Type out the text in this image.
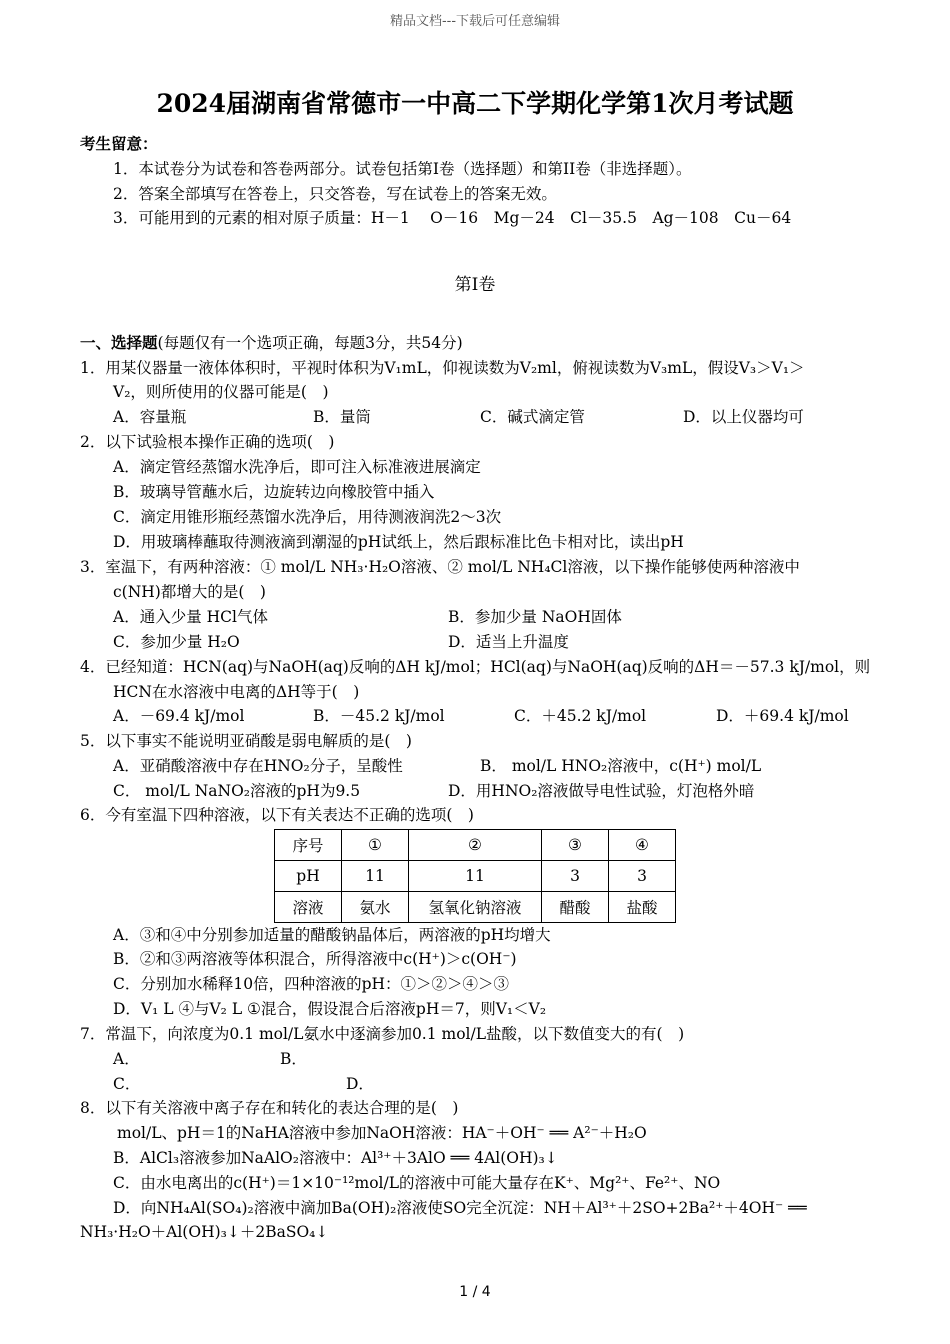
精品文档---下载后可任意编辑
2024届湖南省常德市一中高二下学期化学第1次月考试题
考生留意：
1．本试卷分为试卷和答卷两部分。试卷包括第I卷（选择题）和第II卷（非选择题）。
2．答案全部填写在答卷上，只交答卷，写在试卷上的答案无效。
3．可能用到的元素的相对原子质量：H－1　 O－16　Mg－24　Cl－35.5　Ag－108　Cu－64
第I卷
一、选择题(每题仅有一个选项正确，每题3分，共54分)
1．用某仪器量一液体体积时，平视时体积为V₁mL，仰视读数为V₂ml，俯视读数为V₃mL，假设V₃＞V₁＞
V₂，则所使用的仪器可能是(　)
A．容量瓶	B．量筒	C．碱式滴定管	D．以上仪器均可
2．以下试验根本操作正确的选项(　)
A．滴定管经蒸馏水洗净后，即可注入标准液进展滴定
B．玻璃导管蘸水后，边旋转边向橡胶管中插入
C．滴定用锥形瓶经蒸馏水洗净后，用待测液润洗2～3次
D．用玻璃棒蘸取待测液滴到潮湿的pH试纸上，然后跟标准比色卡相对比，读出pH
3．室温下，有两种溶液：① mol/L NH₃·H₂O溶液、② mol/L NH₄Cl溶液，以下操作能够使两种溶液中
c(NH)都增大的是(　)
A．通入少量 HCl气体	B．参加少量 NaOH固体
C．参加少量 H₂O	D．适当上升温度
4．已经知道：HCN(aq)与NaOH(aq)反响的ΔH kJ/mol；HCl(aq)与NaOH(aq)反响的ΔH＝－57.3 kJ/mol，则
HCN在水溶液中电离的ΔH等于(　)
A．－69.4 kJ/mol	B．－45.2 kJ/mol	C．＋45.2 kJ/mol	D．＋69.4 kJ/mol
5．以下事实不能说明亚硝酸是弱电解质的是(　)
A．亚硝酸溶液中存在HNO₂分子，呈酸性	B． mol/L HNO₂溶液中，c(H⁺) mol/L
C． mol/L NaNO₂溶液的pH为9.5	D．用HNO₂溶液做导电性试验，灯泡格外暗
6．今有室温下四种溶液，以下有关表达不正确的选项(　)
序号	①	②	③	④
pH	11	11	3	3
溶液	氨水	氢氧化钠溶液	醋酸	盐酸
A．③和④中分别参加适量的醋酸钠晶体后，两溶液的pH均增大
B．②和③两溶液等体积混合，所得溶液中c(H⁺)＞c(OH⁻)
C．分别加水稀释10倍，四种溶液的pH：①＞②＞④＞③
D．V₁ L ④与V₂ L ①混合，假设混合后溶液pH＝7，则V₁＜V₂
7．常温下，向浓度为0.1 mol/L氨水中逐滴参加0.1 mol/L盐酸，以下数值变大的有(　)
A．	B．
C．	D．
8．以下有关溶液中离子存在和转化的表达合理的是(　)
mol/L、pH＝1的NaHA溶液中参加NaOH溶液：HA⁻＋OH⁻ ══ A²⁻＋H₂O
B．AlCl₃溶液参加NaAlO₂溶液中：Al³⁺＋3AlO ══ 4Al(OH)₃↓
C．由水电离出的c(H⁺)＝1×10⁻¹²mol/L的溶液中可能大量存在K⁺、Mg²⁺、Fe²⁺、NO
D．向NH₄Al(SO₄)₂溶液中滴加Ba(OH)₂溶液使SO完全沉淀：NH＋Al³⁺＋2SO+2Ba²⁺＋4OH⁻ ══
NH₃·H₂O＋Al(OH)₃↓＋2BaSO₄↓
1 / 4
